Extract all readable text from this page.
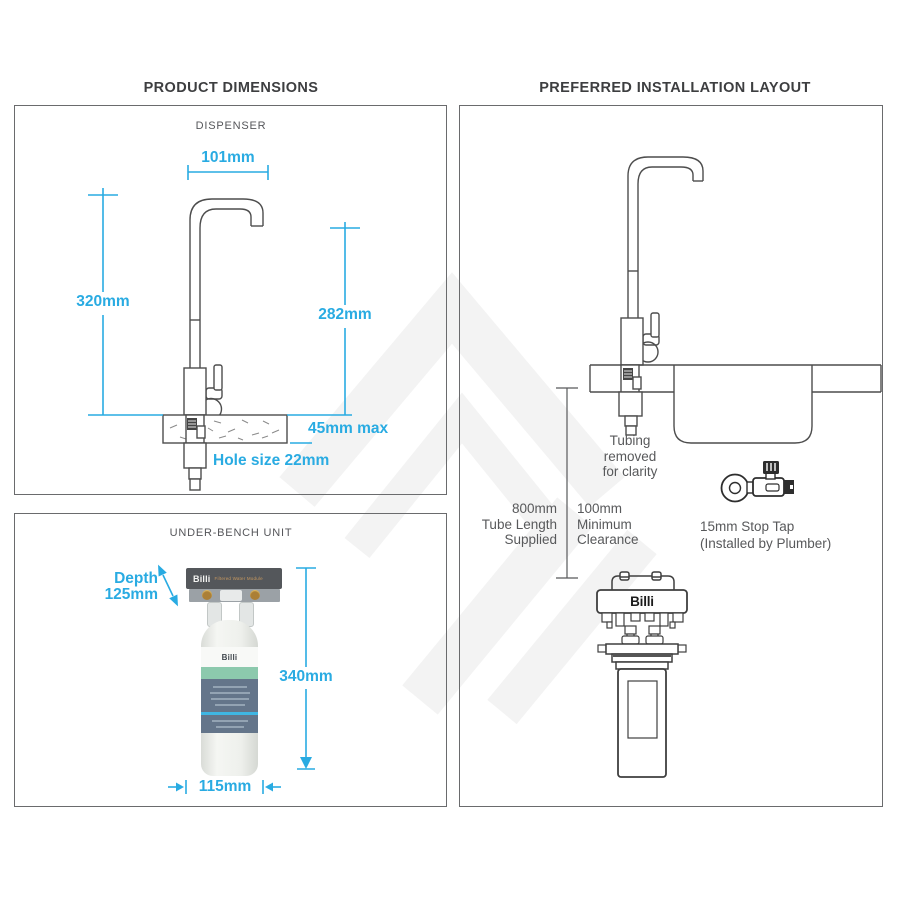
PRODUCT DIMENSIONS	PREFERRED INSTALLATION LAYOUT
DISPENSER
UNDER-BENCH UNIT
Billi Filtered Water Module
Billi
101mm
320mm
282mm
45mm max
Hole size 22mm
Depth
125mm
340mm
115mm
Tubing
removed
for clarity
800mm
Tube Length
Supplied
100mm
Minimum
Clearance
15mm Stop Tap
(Installed by Plumber)
Billi
